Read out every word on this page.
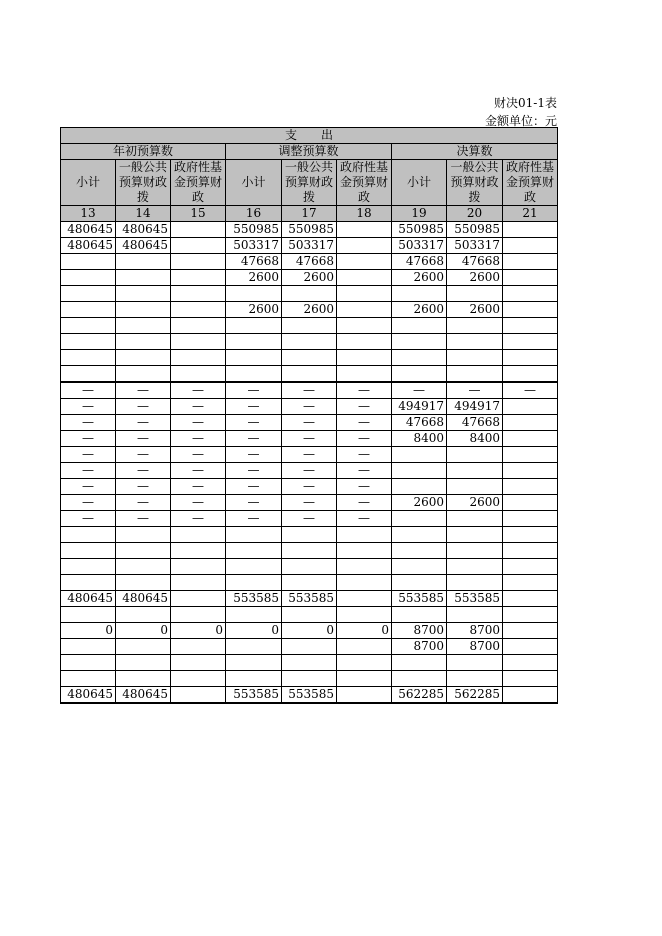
财决01-1表
金额单位：元
支　　出								
年初预算数			调整预算数			决算数		
小计	一般公共预算财政拨	政府性基金预算财政	小计	一般公共预算财政拨	政府性基金预算财政	小计	一般公共预算财政拨	政府性基金预算财政
13	14	15	16	17	18	19	20	21
480645	480645		550985	550985		550985	550985	
480645	480645		503317	503317		503317	503317	
			47668	47668		47668	47668	
			2600	2600		2600	2600	

			2600	2600		2600	2600	

—	—	—	—	—	—	—	—	—
—	—	—	—	—	—	494917	494917	
—	—	—	—	—	—	47668	47668	
—	—	—	—	—	—	8400	8400	
—	—	—	—	—	—			
—	—	—	—	—	—			
—	—	—	—	—	—			
—	—	—	—	—	—	2600	2600	
—	—	—	—	—	—			

480645	480645		553585	553585		553585	553585	

0	0	0	0	0	0	8700	8700	
						8700	8700	

480645	480645		553585	553585		562285	562285	
